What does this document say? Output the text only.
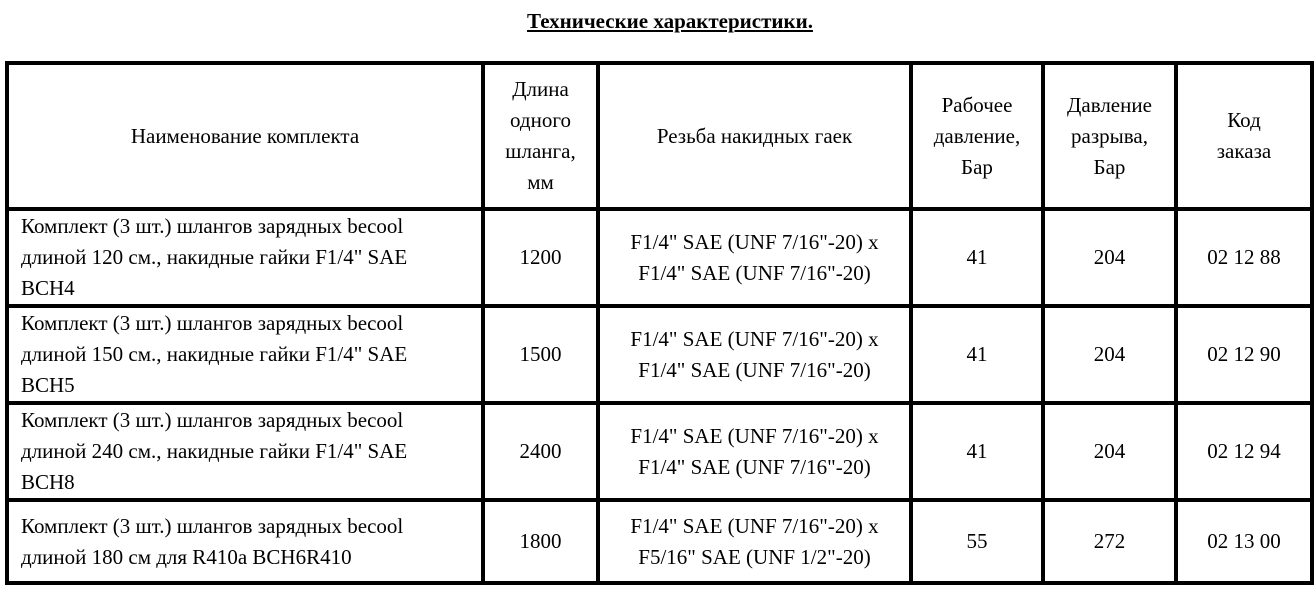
Технические характеристики.
Наименование комплекта	Длина
одного
шланга,
мм	Резьба накидных гаек	Рабочее
давление,
Бар	Давление
разрыва,
Бар	Код
заказа

Комплект (3 шт.) шлангов зарядных becool
длиной 120 см., накидные гайки F1/4" SAE
BCH4	1200	F1/4" SAE (UNF 7/16"-20) x
F1/4" SAE (UNF 7/16"-20)	41	204	02 12 88

Комплект (3 шт.) шлангов зарядных becool
длиной 150 см., накидные гайки F1/4" SAE
BCH5	1500	F1/4" SAE (UNF 7/16"-20) x
F1/4" SAE (UNF 7/16"-20)	41	204	02 12 90

Комплект (3 шт.) шлангов зарядных becool
длиной 240 см., накидные гайки F1/4" SAE
BCH8	2400	F1/4" SAE (UNF 7/16"-20) x
F1/4" SAE (UNF 7/16"-20)	41	204	02 12 94

Комплект (3 шт.) шлангов зарядных becool
длиной 180 см для R410a BCH6R410	1800	F1/4" SAE (UNF 7/16"-20) x
F5/16" SAE (UNF 1/2"-20)	55	272	02 13 00
